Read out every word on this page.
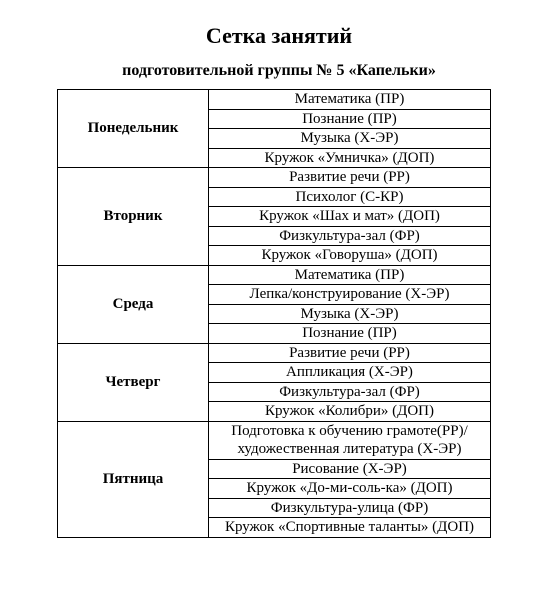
Сетка занятий
подготовительной группы № 5 «Капельки»
Понедельник	Математика (ПР)
	Познание (ПР)
	Музыка (Х-ЭР)
	Кружок «Умничка» (ДОП)
Вторник	Развитие речи (РР)
	Психолог (С-КР)
	Кружок «Шах и мат» (ДОП)
	Физкультура-зал (ФР)
	Кружок «Говоруша» (ДОП)
Среда	Математика (ПР)
	Лепка/конструирование (Х-ЭР)
	Музыка (Х-ЭР)
	Познание (ПР)
Четверг	Развитие речи (РР)
	Аппликация (Х-ЭР)
	Физкультура-зал (ФР)
	Кружок «Колибри» (ДОП)
Пятница	Подготовка к обучению грамоте(РР)/художественная литература (Х-ЭР)
	Рисование (Х-ЭР)
	Кружок «До-ми-соль-ка» (ДОП)
	Физкультура-улица (ФР)
	Кружок «Спортивные таланты» (ДОП)
